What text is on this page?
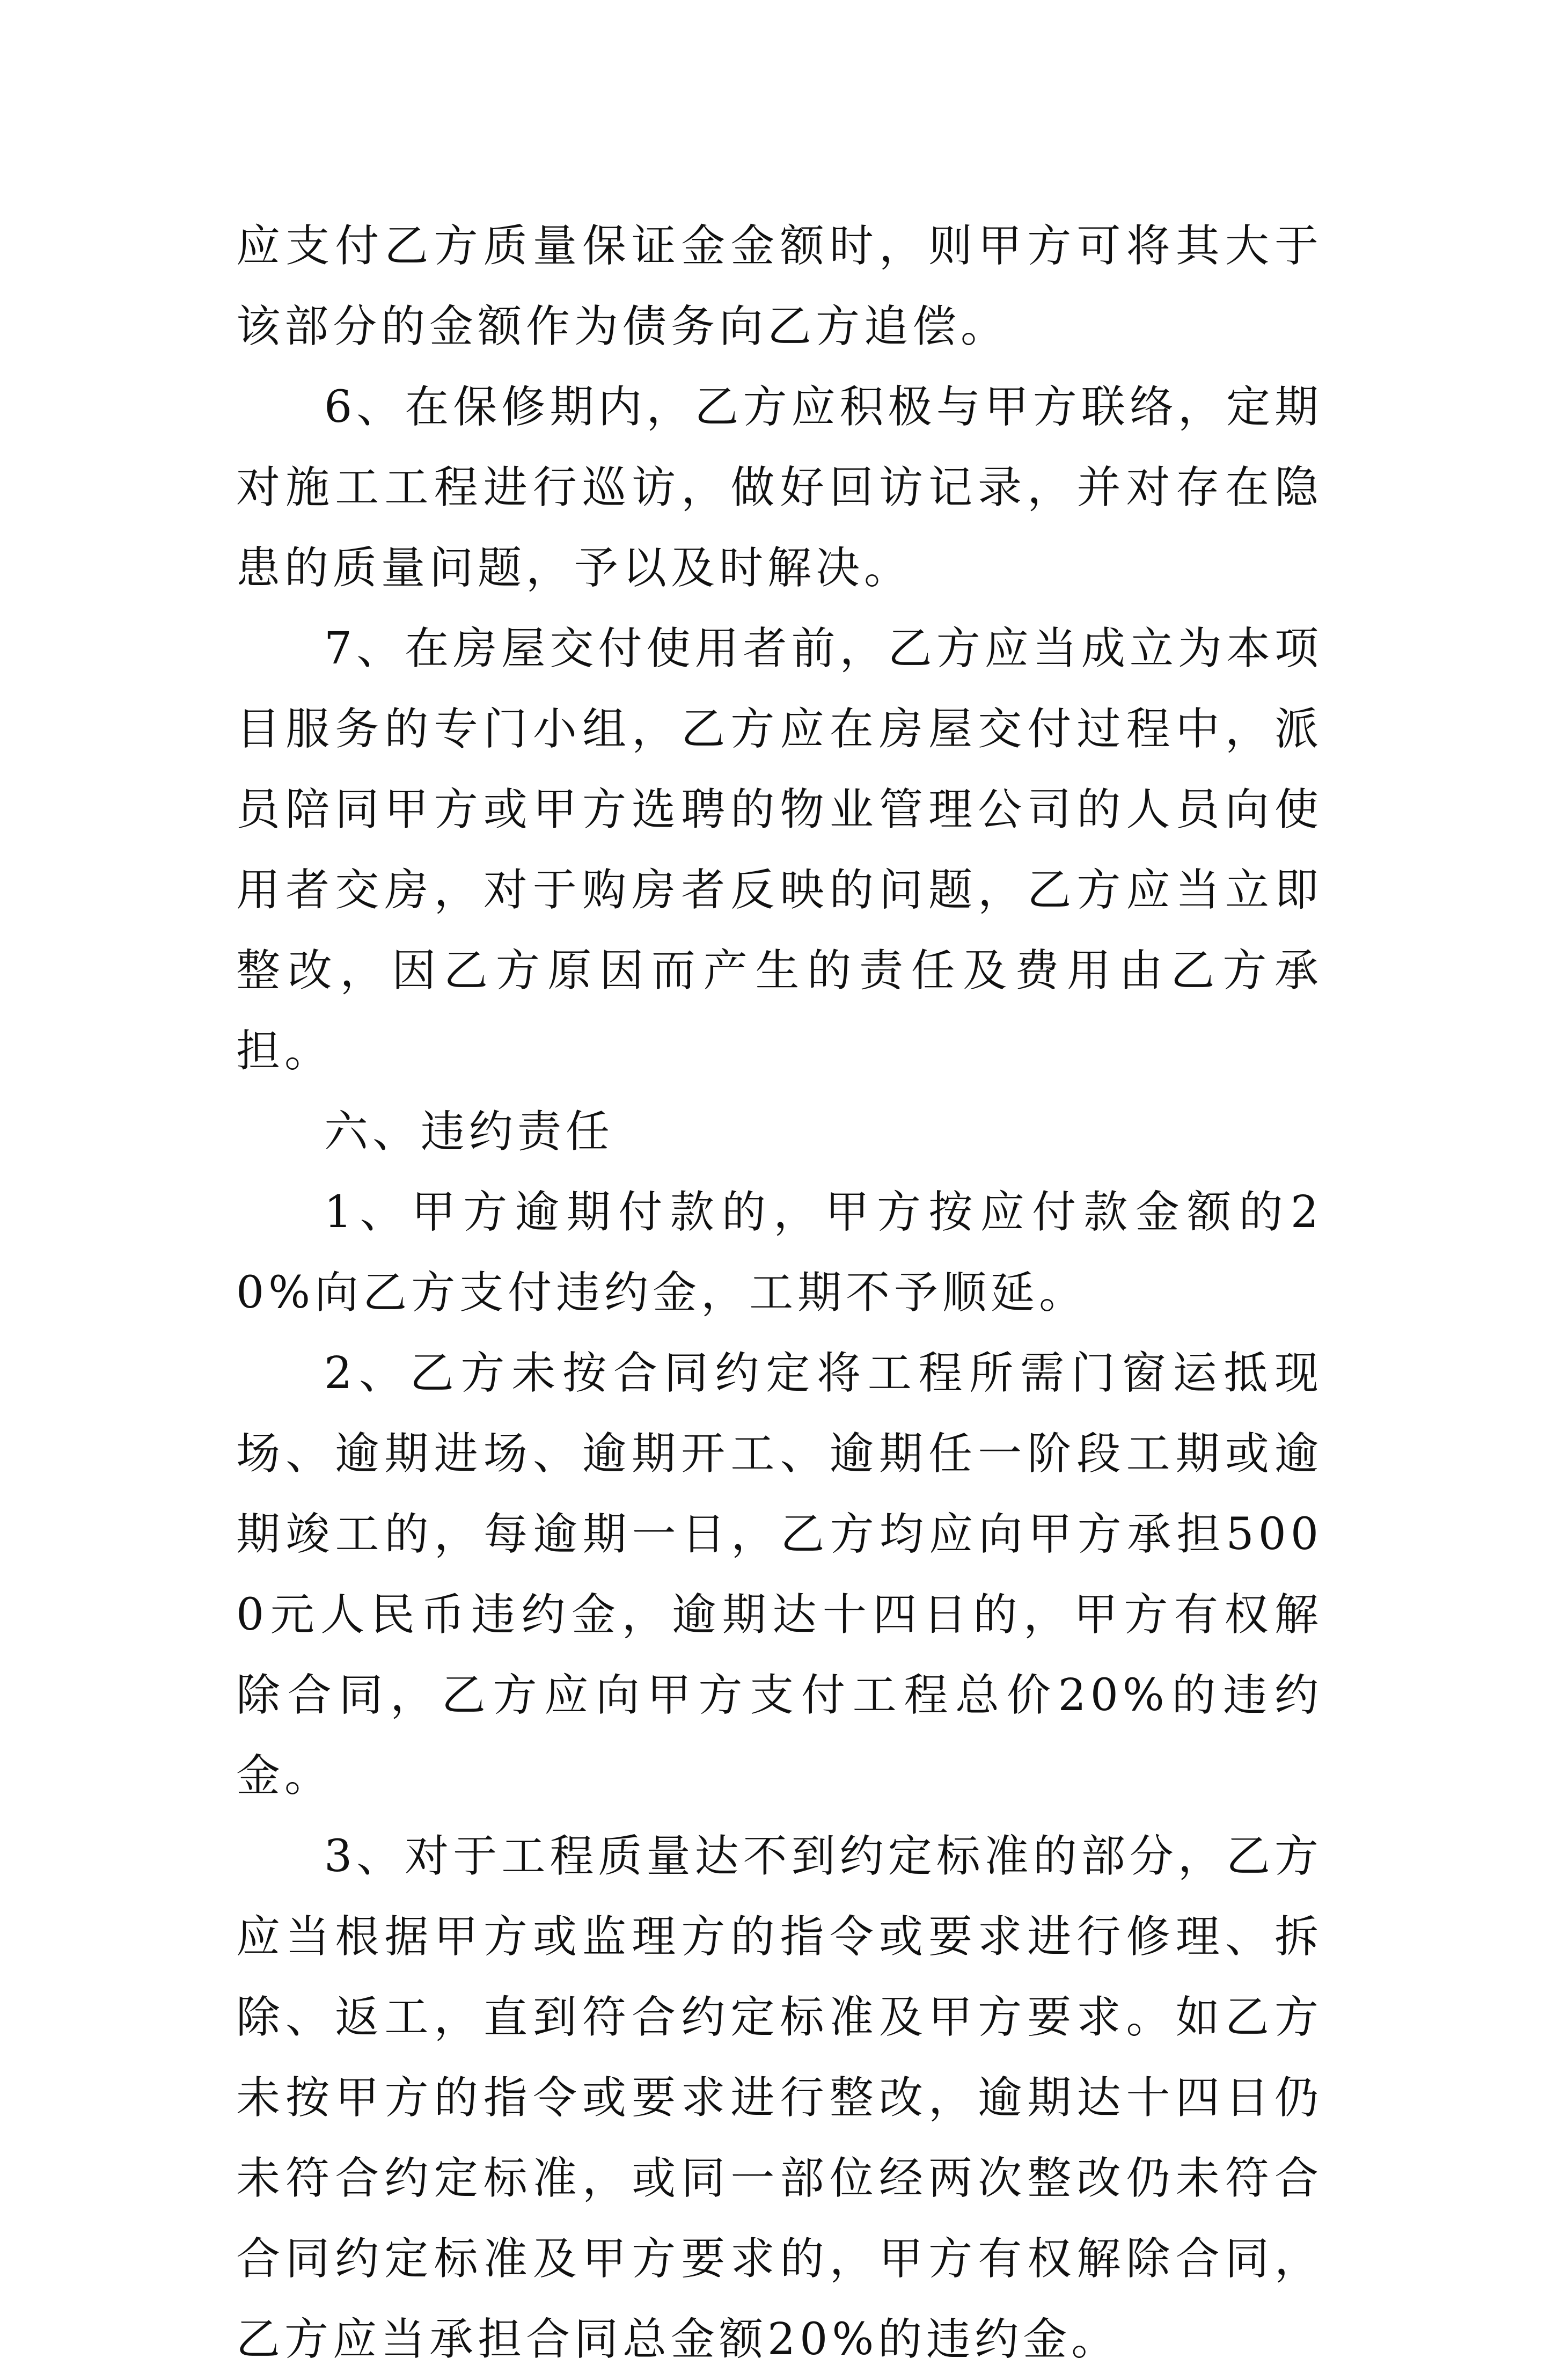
应支付乙方质量保证金金额时，则甲方可将其大于该部分的金额作为债务向乙方追偿。

6、在保修期内，乙方应积极与甲方联络，定期对施工工程进行巡访，做好回访记录，并对存在隐患的质量问题，予以及时解决。

7、在房屋交付使用者前，乙方应当成立为本项目服务的专门小组，乙方应在房屋交付过程中，派员陪同甲方或甲方选聘的物业管理公司的人员向使用者交房，对于购房者反映的问题，乙方应当立即整改，因乙方原因而产生的责任及费用由乙方承担。

六、违约责任

1、甲方逾期付款的，甲方按应付款金额的20%向乙方支付违约金，工期不予顺延。

2、乙方未按合同约定将工程所需门窗运抵现场、逾期进场、逾期开工、逾期任一阶段工期或逾期竣工的，每逾期一日，乙方均应向甲方承担5000元人民币违约金，逾期达十四日的，甲方有权解除合同，乙方应向甲方支付工程总价20%的违约金。

3、对于工程质量达不到约定标准的部分，乙方应当根据甲方或监理方的指令或要求进行修理、拆除、返工，直到符合约定标准及甲方要求。如乙方未按甲方的指令或要求进行整改，逾期达十四日仍未符合约定标准，或同一部位经两次整改仍未符合合同约定标准及甲方要求的，甲方有权解除合同，乙方应当承担合同总金额20%的违约金。
